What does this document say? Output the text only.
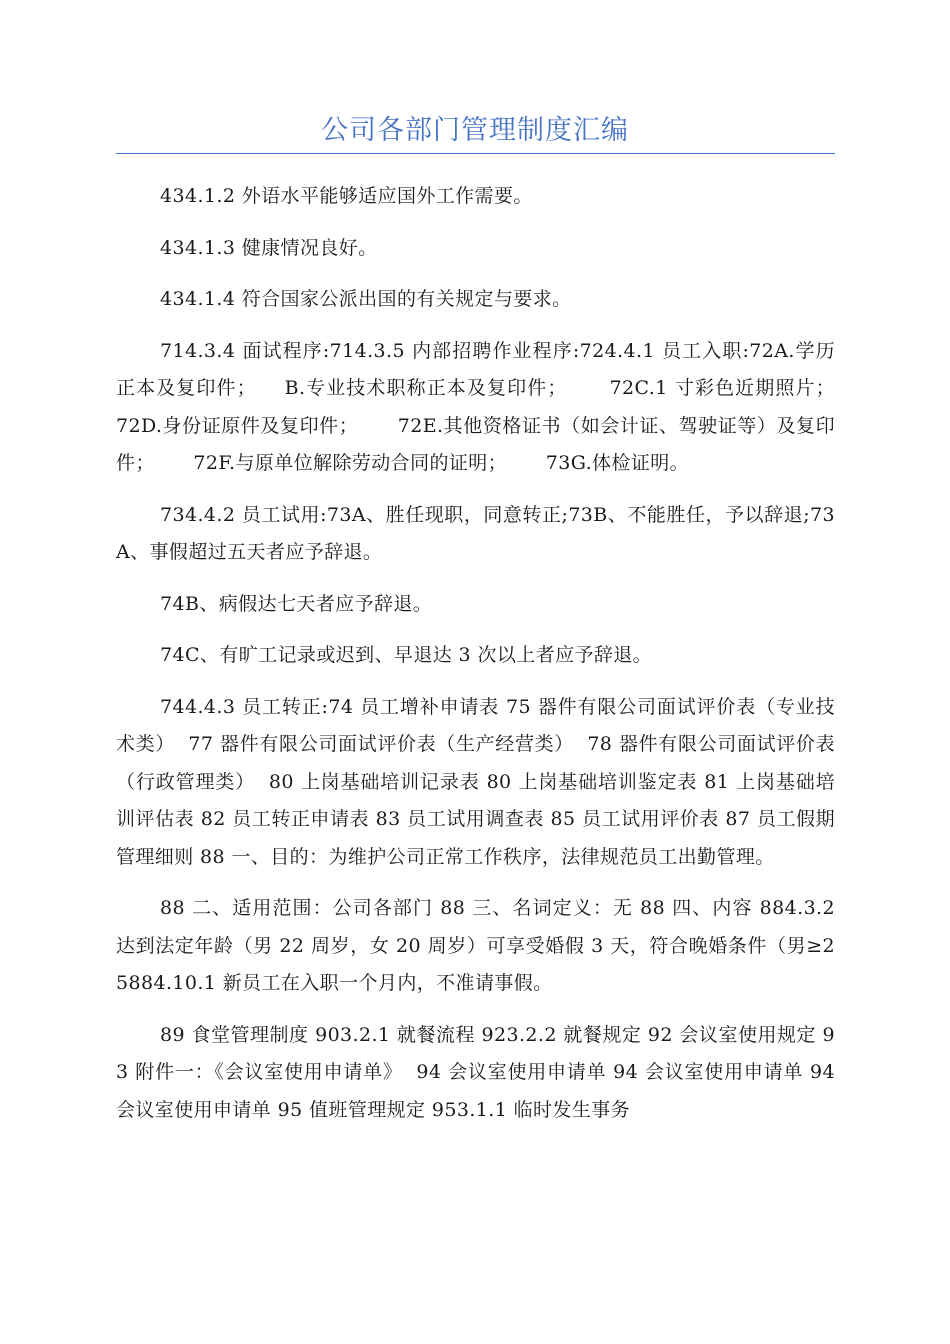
公司各部门管理制度汇编

434.1.2 外语水平能够适应国外工作需要。

434.1.3 健康情况良好。

434.1.4 符合国家公派出国的有关规定与要求。

714.3.4 面试程序:714.3.5 内部招聘作业程序:724.4.1 员工入职:72A.学历正本及复印件；    B.专业技术职称正本及复印件；      72C.1 寸彩色近期照片；      72D.身份证原件及复印件；      72E.其他资格证书（如会计证、驾驶证等）及复印件；      72F.与原单位解除劳动合同的证明；      73G.体检证明。

734.4.2 员工试用:73A、胜任现职，同意转正;73B、不能胜任，予以辞退;73A、事假超过五天者应予辞退。

74B、病假达七天者应予辞退。

74C、有旷工记录或迟到、早退达 3 次以上者应予辞退。

744.4.3 员工转正:74 员工增补申请表 75 器件有限公司面试评价表（专业技术类）  77 器件有限公司面试评价表（生产经营类）  78 器件有限公司面试评价表（行政管理类）  80 上岗基础培训记录表 80 上岗基础培训鉴定表 81 上岗基础培训评估表 82 员工转正申请表 83 员工试用调查表 85 员工试用评价表 87 员工假期管理细则 88 一、目的：为维护公司正常工作秩序，法律规范员工出勤管理。

88 二、适用范围：公司各部门 88 三、名词定义：无 88 四、内容 884.3.2 达到法定年龄（男 22 周岁，女 20 周岁）可享受婚假 3 天，符合晚婚条件（男≥25884.10.1 新员工在入职一个月内，不准请事假。

89 食堂管理制度 903.2.1 就餐流程 923.2.2 就餐规定 92 会议室使用规定 93 附件一：《会议室使用申请单》  94 会议室使用申请单 94 会议室使用申请单 94 会议室使用申请单 95 值班管理规定 953.1.1 临时发生事务
